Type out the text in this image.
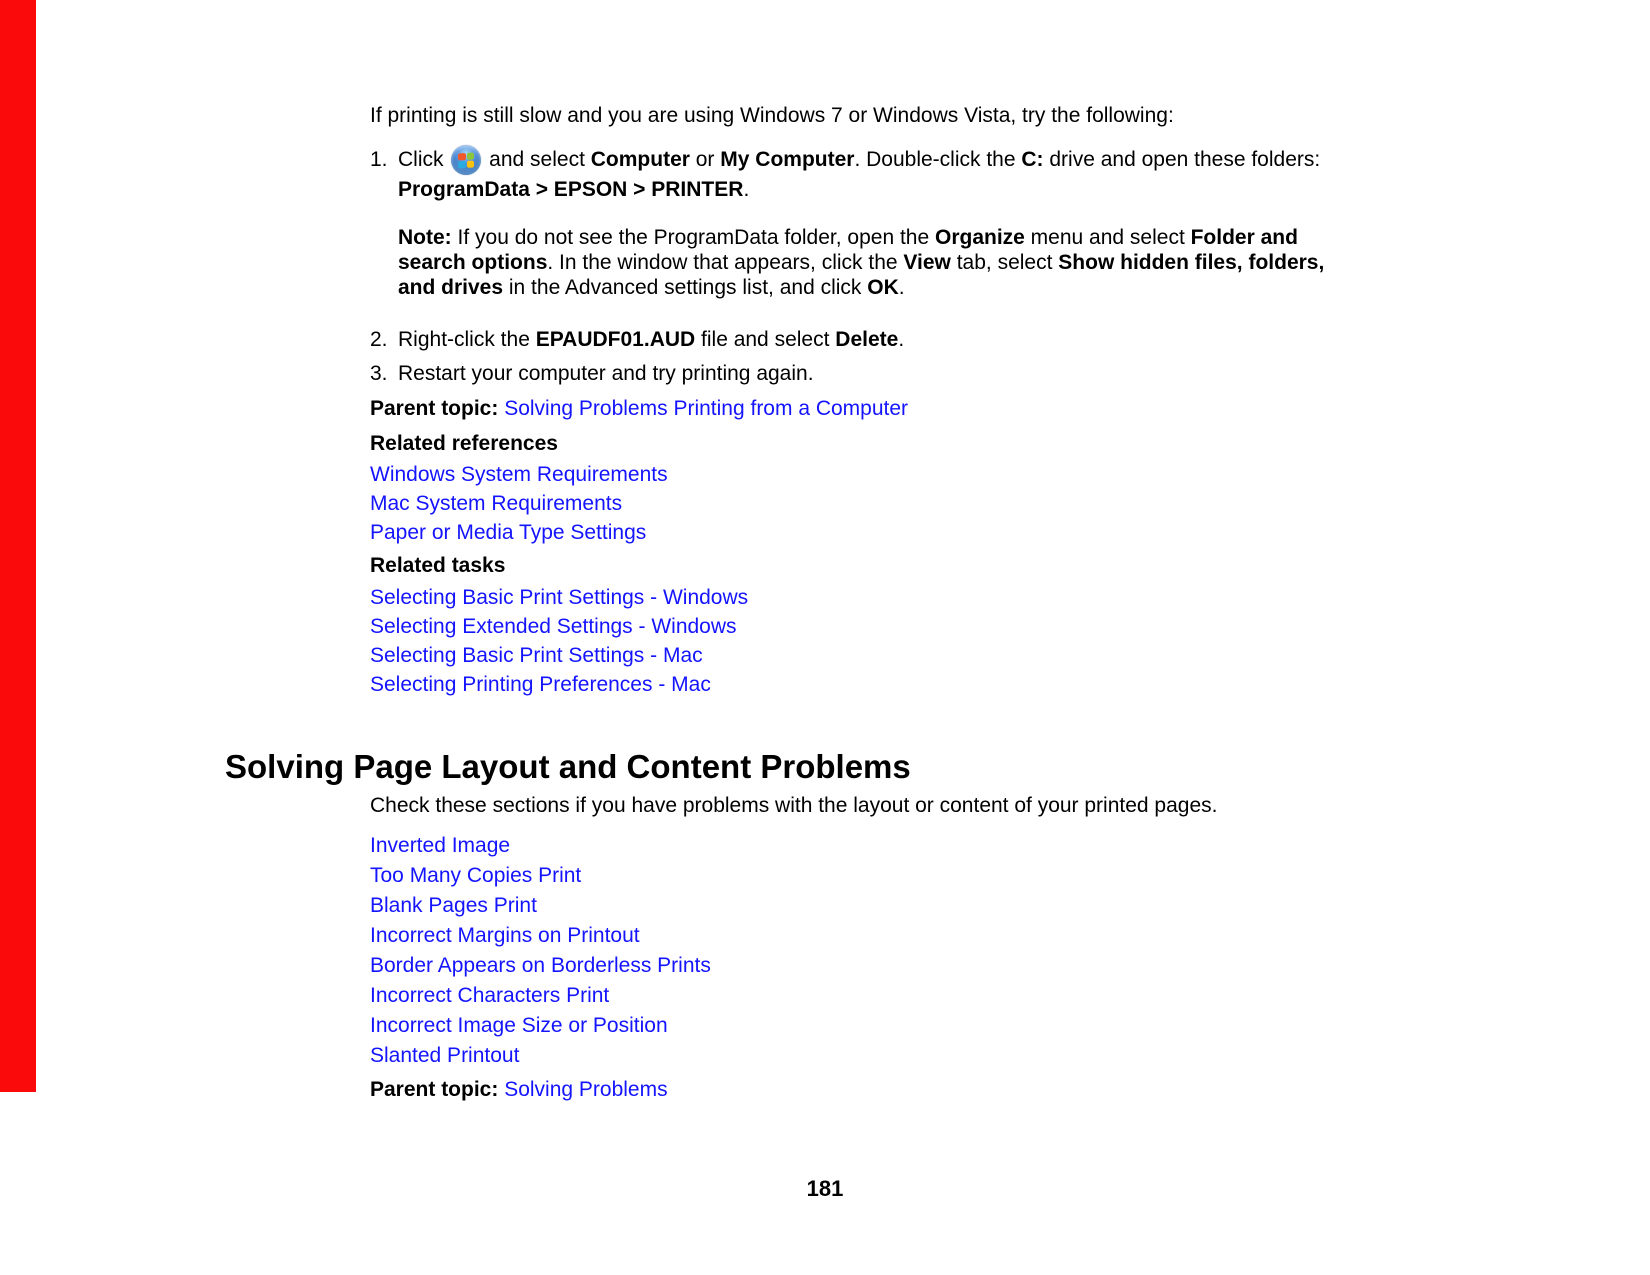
If printing is still slow and you are using Windows 7 or Windows Vista, try the following:
1. Click
and select Computer or My Computer. Double-click the C: drive and open these folders:
ProgramData > EPSON > PRINTER.
Note: If you do not see the ProgramData folder, open the Organize menu and select Folder and
search options. In the window that appears, click the View tab, select Show hidden files, folders,
and drives in the Advanced settings list, and click OK.
2. Right-click the EPAUDF01.AUD file and select Delete.
3. Restart your computer and try printing again.
Parent topic: Solving Problems Printing from a Computer
Related references
Windows System Requirements
Mac System Requirements
Paper or Media Type Settings
Related tasks
Selecting Basic Print Settings - Windows
Selecting Extended Settings - Windows
Selecting Basic Print Settings - Mac
Selecting Printing Preferences - Mac
Solving Page Layout and Content Problems
Check these sections if you have problems with the layout or content of your printed pages.
Inverted Image
Too Many Copies Print
Blank Pages Print
Incorrect Margins on Printout
Border Appears on Borderless Prints
Incorrect Characters Print
Incorrect Image Size or Position
Slanted Printout
Parent topic: Solving Problems
181
